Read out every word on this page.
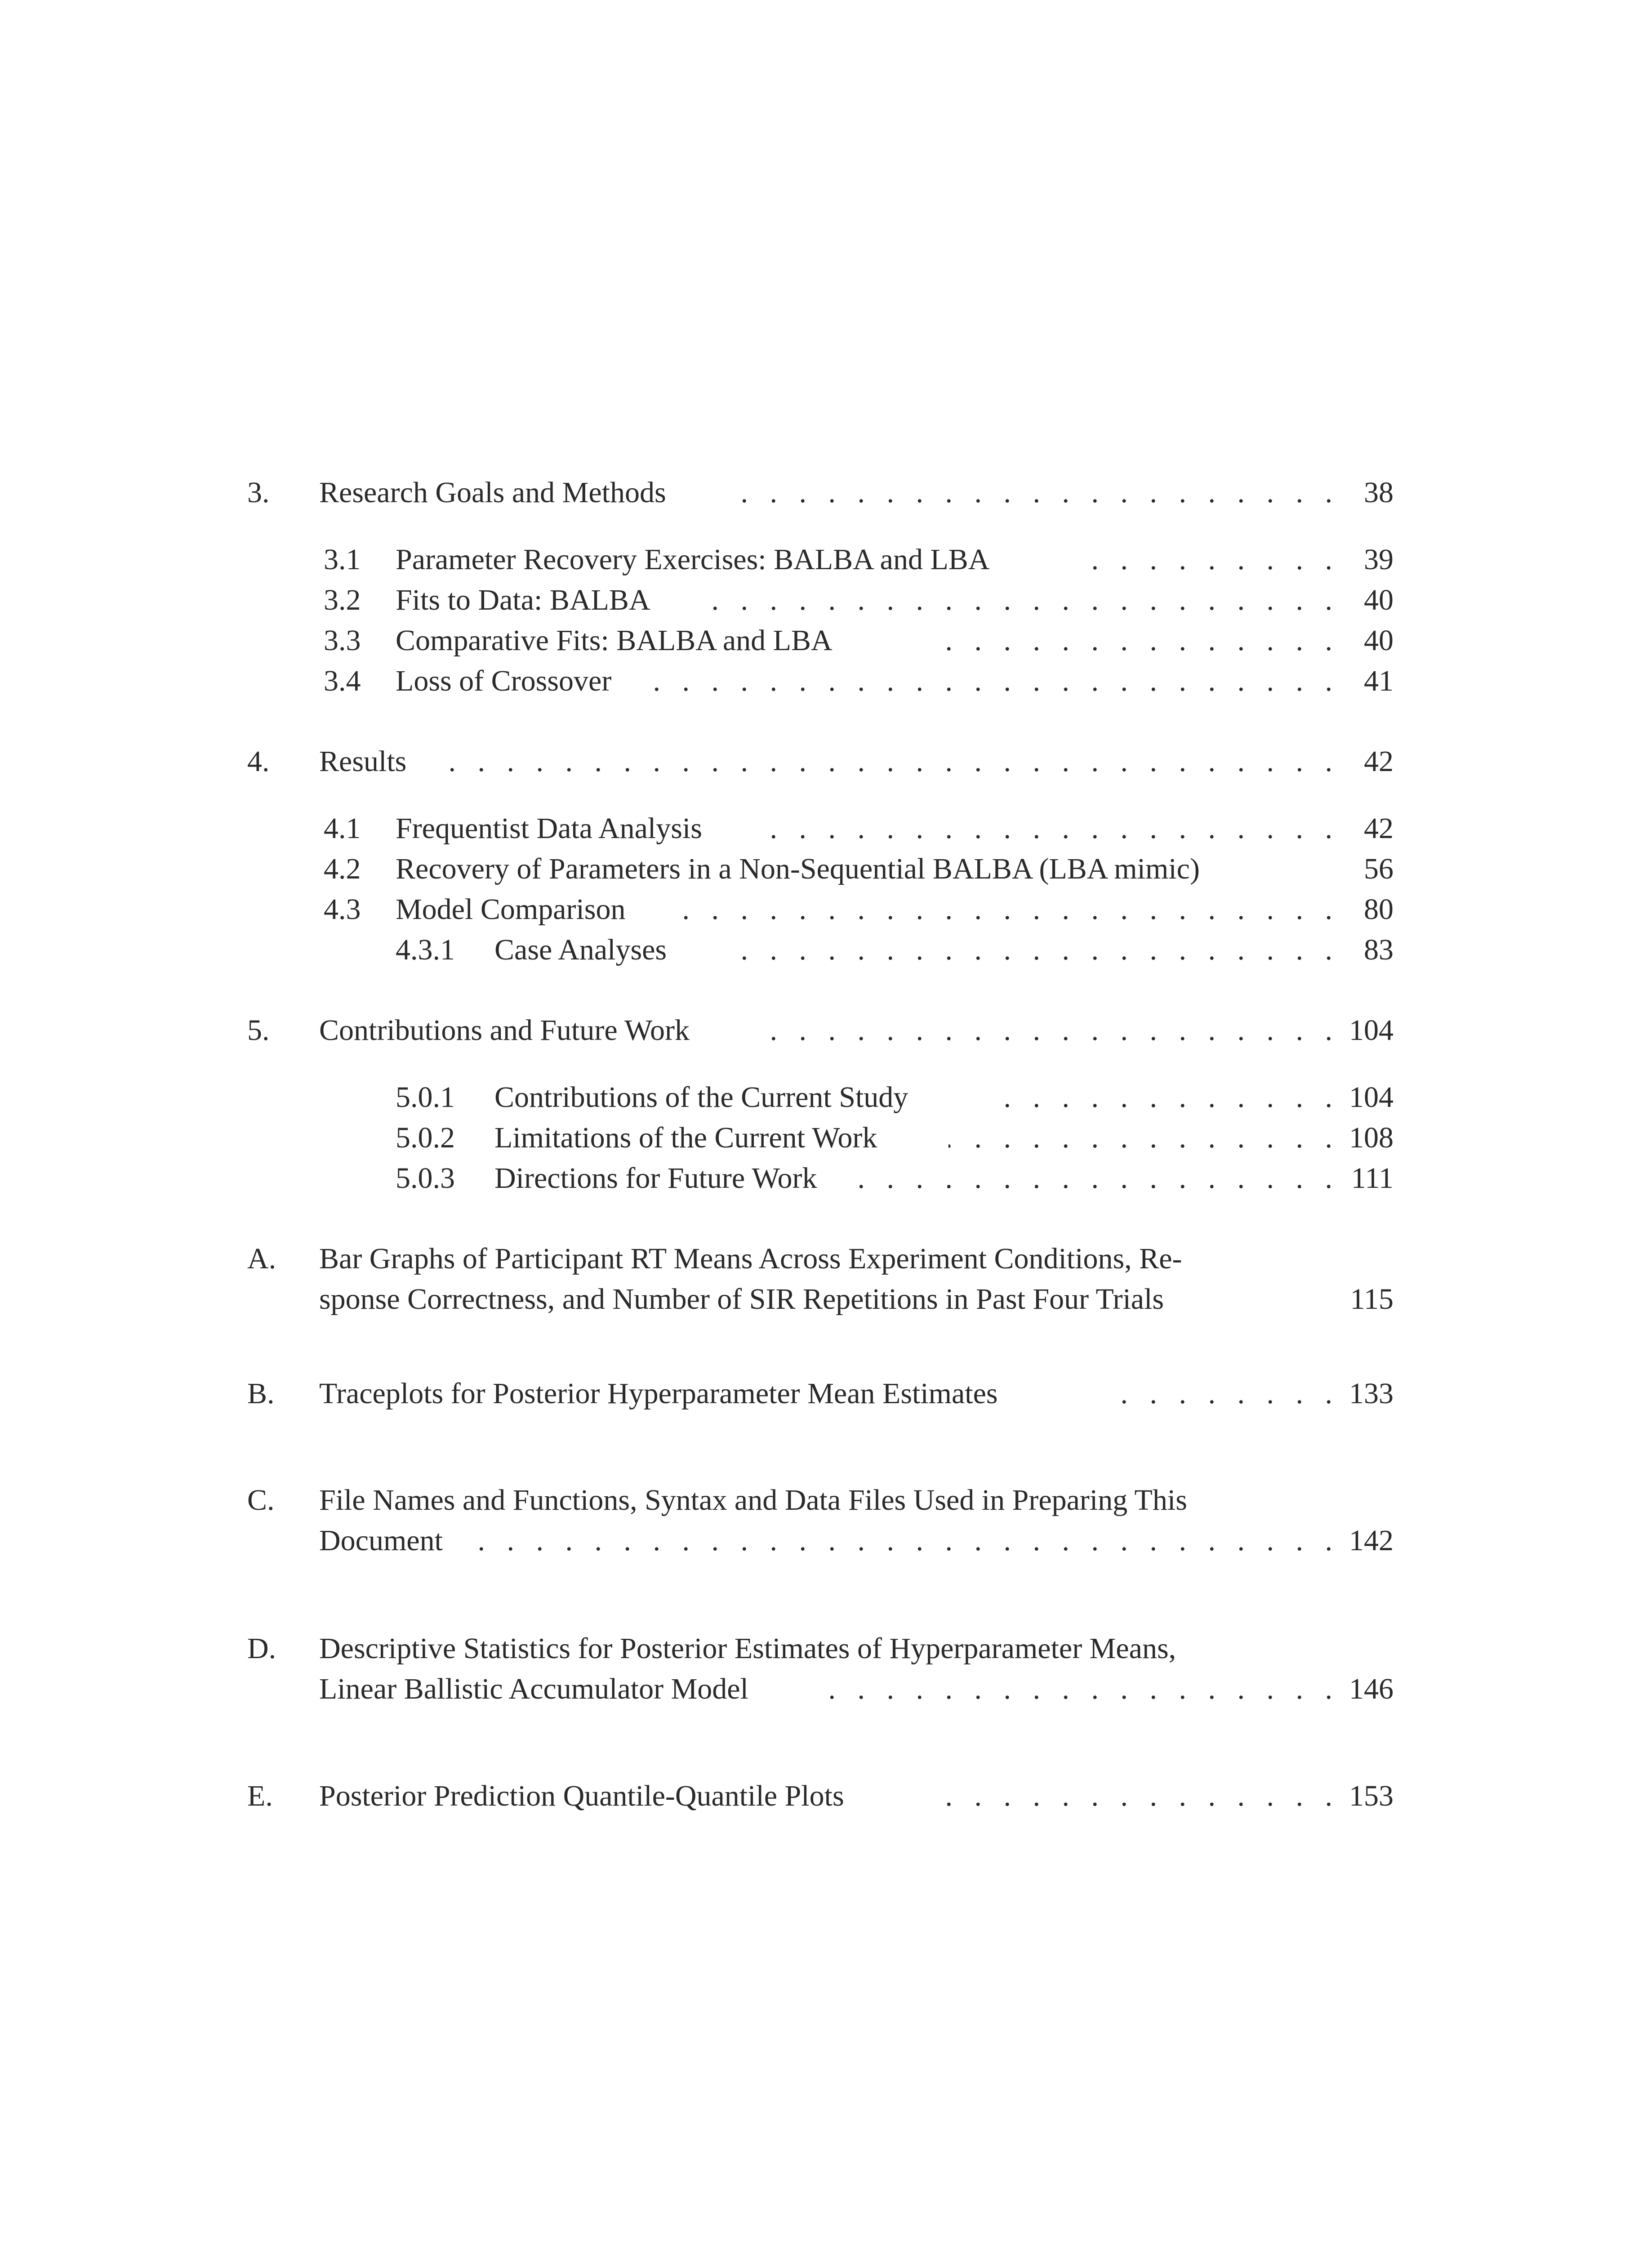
3. Research Goals and Methods . . .	38
3.1 Parameter Recovery Exercises: BALBA and LBA . . .	39
3.2 Fits to Data: BALBA . . .	40
3.3 Comparative Fits: BALBA and LBA . . .	40
3.4 Loss of Crossover . . .	41
4. Results . . .	42
4.1 Frequentist Data Analysis . . .	42
4.2 Recovery of Parameters in a Non-Sequential BALBA (LBA mimic)	56
4.3 Model Comparison . . .	80
4.3.1 Case Analyses . . .	83
5. Contributions and Future Work . . .	104
5.0.1 Contributions of the Current Study . . .	104
5.0.2 Limitations of the Current Work . . .	108
5.0.3 Directions for Future Work . . .	111
A. Bar Graphs of Participant RT Means Across Experiment Conditions, Re-
sponse Correctness, and Number of SIR Repetitions in Past Four Trials	115
B. Traceplots for Posterior Hyperparameter Mean Estimates . . .	133
C. File Names and Functions, Syntax and Data Files Used in Preparing This
Document . . .	142
D. Descriptive Statistics for Posterior Estimates of Hyperparameter Means,
Linear Ballistic Accumulator Model . . .	146
E. Posterior Prediction Quantile-Quantile Plots . . .	153
